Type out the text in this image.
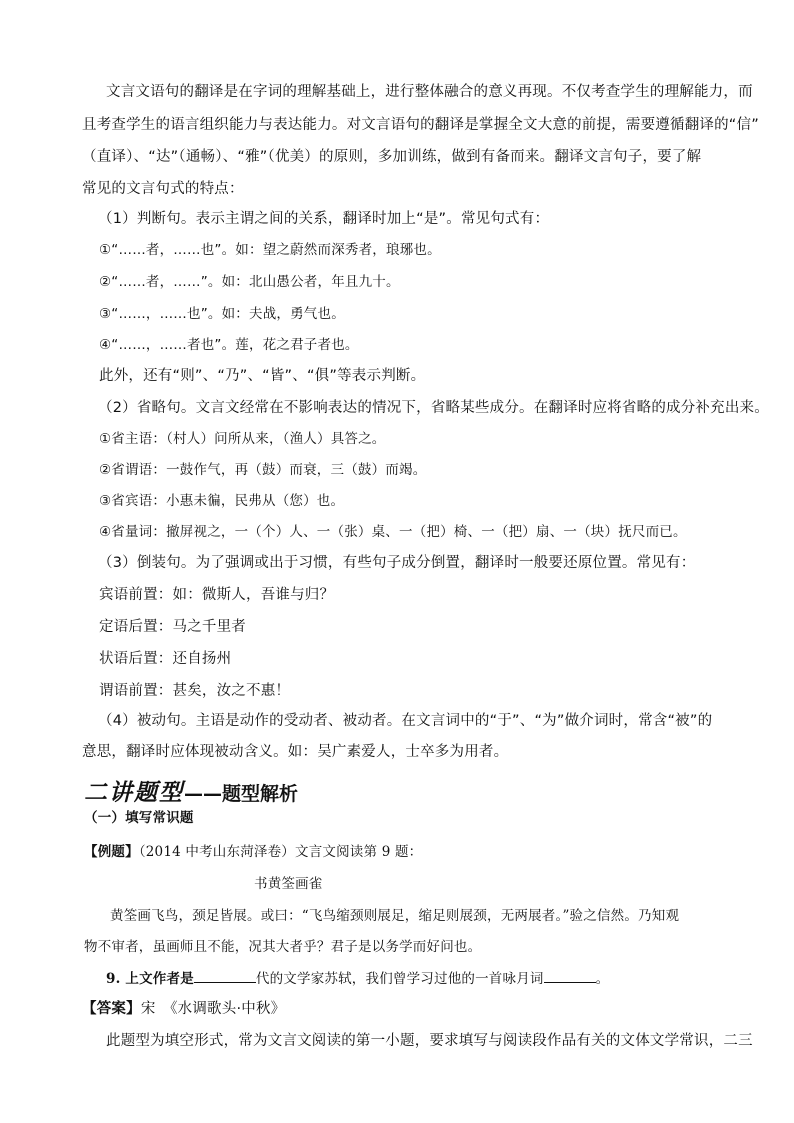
文言文语句的翻译是在字词的理解基础上，进行整体融合的意义再现。不仅考查学生的理解能力，而
且考查学生的语言组织能力与表达能力。对文言语句的翻译是掌握全文大意的前提，需要遵循翻译的“信”
（直译）、“达”（通畅）、“雅”（优美）的原则，多加训练，做到有备而来。翻译文言句子，要了解
常见的文言句式的特点：
（1）判断句。表示主谓之间的关系，翻译时加上“是”。常见句式有：
①“……者，……也”。如：望之蔚然而深秀者，琅琊也。
②“……者，……”。如：北山愚公者，年且九十。
③“……，……也”。如：夫战，勇气也。
④“……，……者也”。莲，花之君子者也。
此外，还有“则”、“乃”、“皆”、“俱”等表示判断。
（2）省略句。文言文经常在不影响表达的情况下，省略某些成分。在翻译时应将省略的成分补充出来。
①省主语：（村人）问所从来，（渔人）具答之。
②省谓语：一鼓作气，再（鼓）而衰，三（鼓）而竭。
③省宾语：小惠未徧，民弗从（您）也。
④省量词：撤屏视之，一（个）人、一（张）桌、一（把）椅、一（把）扇、一（块）抚尺而已。
（3）倒装句。为了强调或出于习惯，有些句子成分倒置，翻译时一般要还原位置。常见有：
宾语前置：如：微斯人，吾谁与归？
定语后置：马之千里者
状语后置：还自扬州
谓语前置：甚矣，汝之不惠！
（4）被动句。主语是动作的受动者、被动者。在文言词中的“于”、“为”做介词时，常含“被”的
意思，翻译时应体现被动含义。如：吴广素爱人，士卒多为用者。
二讲题型——题型解析
（一）填写常识题
【例题】（2014 中考山东菏泽卷）文言文阅读第 9 题：
书黄筌画雀
黄筌画飞鸟，颈足皆展。或曰：“飞鸟缩颈则展足，缩足则展颈，无两展者。”验之信然。乃知观
物不审者，虽画师且不能，况其大者乎？君子是以务学而好问也。
9. 上文作者是	代的文学家苏轼，我们曾学习过他的一首咏月词	。
【答案】宋　《水调歌头·中秋》
此题型为填空形式，常为文言文阅读的第一小题，要求填写与阅读段作品有关的文体文学常识，二三
